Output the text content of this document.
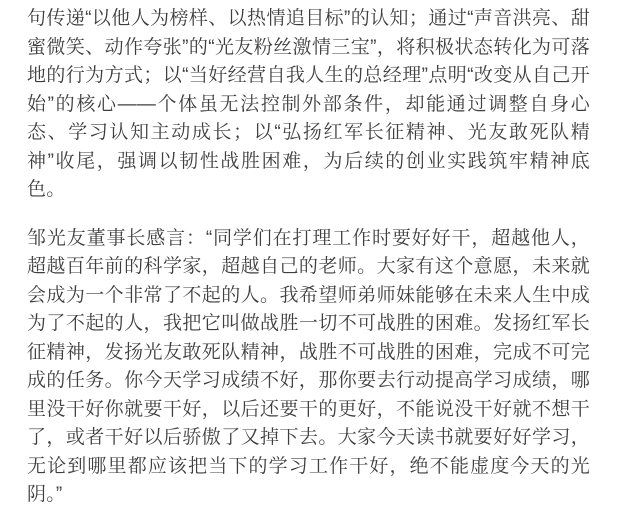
句传递“以他人为榜样、以热情追目标”的认知；通过“声音洪亮、甜蜜微笑、动作夸张”的“光友粉丝激情三宝”，将积极状态转化为可落地的行为方式；以“当好经营自我人生的总经理”点明“改变从自己开始”的核心——个体虽无法控制外部条件，却能通过调整自身心态、学习认知主动成长；以“弘扬红军长征精神、光友敢死队精神”收尾，强调以韧性战胜困难，为后续的创业实践筑牢精神底色。

邹光友董事长感言：“同学们在打理工作时要好好干，超越他人，超越百年前的科学家，超越自己的老师。大家有这个意愿，未来就会成为一个非常了不起的人。我希望师弟师妹能够在未来人生中成为了不起的人，我把它叫做战胜一切不可战胜的困难。发扬红军长征精神，发扬光友敢死队精神，战胜不可战胜的困难，完成不可完成的任务。你今天学习成绩不好，那你要去行动提高学习成绩，哪里没干好你就要干好，以后还要干的更好，不能说没干好就不想干了，或者干好以后骄傲了又掉下去。大家今天读书就要好好学习，无论到哪里都应该把当下的学习工作干好，绝不能虚度今天的光阴。”
